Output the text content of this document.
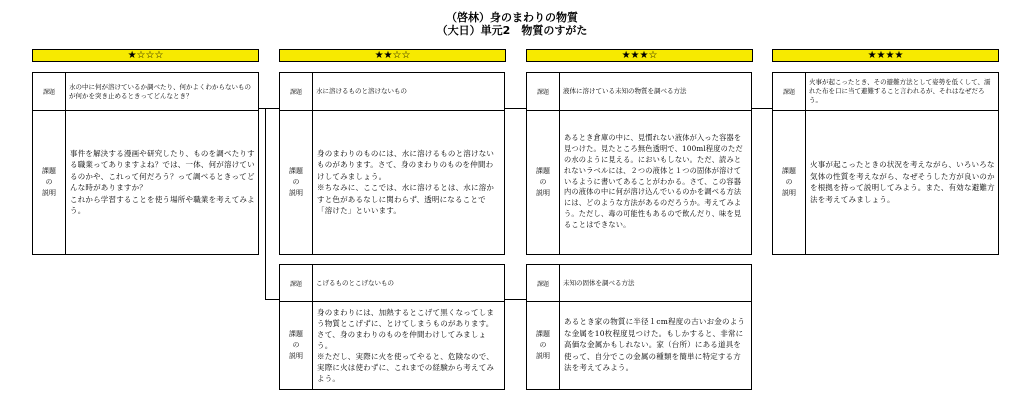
（啓林）身のまわりの物質
（大日）単元2　物質のすがた
★☆☆☆	★★☆☆	★★★☆	★★★★
課題
水の中に何が溶けているか調べたり、何かよくわからないものが何かを突き止めるときってどんなとき？
課題
の
説明
事件を解決する漫画や研究したり、ものを調べたりする職業ってありますよね？では、一体、何が溶けているのかや、これって何だろう？って調べるときってどんな時がありますか？
これから学習することを使う場所や職業を考えてみよう。
課題	水に溶けるものと溶けないもの
課題
の
説明
身のまわりのものには、水に溶けるものと溶けないものがあります。さて、身のまわりのものを仲間わけしてみましょう。
※ちなみに、ここでは、水に溶けるとは、水に溶かすと色があるなしに関わらず、透明になることで「溶けた」といいます。
課題	液体に溶けている未知の物質を調べる方法
課題
の
説明
あるとき倉庫の中に、見慣れない液体が入った容器を見つけた。見たところ無色透明で、100ml程度のただの水のように見える。においもしない。ただ、読みとれないラベルには、２つの液体と１つの固体が溶けているように書いてあることがわかる。さて、この容器内の液体の中に何が溶け込んでいるのかを調べる方法には、どのような方法があるのだろうか。考えてみよう。ただし、毒の可能性もあるので飲んだり、味を見ることはできない。
課題
火事が起こったとき、その避難方法として姿勢を低くして、濡れた布を口に当て避難すること言われるが、それはなぜだろう。
課題
の
説明
火事が起こったときの状況を考えながら、いろいろな気体の性質を考えながら、なぜそうした方が良いのかを根拠を持って説明してみよう。また、有効な避難方法を考えてみましょう。
課題	こげるものとこげないもの
課題
の
説明
身のまわりには、加熱するとこげて黒くなってしまう物質とこげずに、とけてしまうものがあります。さて、身のまわりのものを仲間わけしてみましょう。
※ただし、実際に火を使ってやると、危険なので、実際に火は使わずに、これまでの経験から考えてみよう。
課題	未知の固体を調べる方法
課題
の
説明
あるとき家の物質に半径１cm程度の古いお金のような金属を10枚程度見つけた。もしかすると、非常に高価な金属かもしれない。家（台所）にある道具を使って、自分でこの金属の種類を簡単に特定する方法を考えてみよう。
